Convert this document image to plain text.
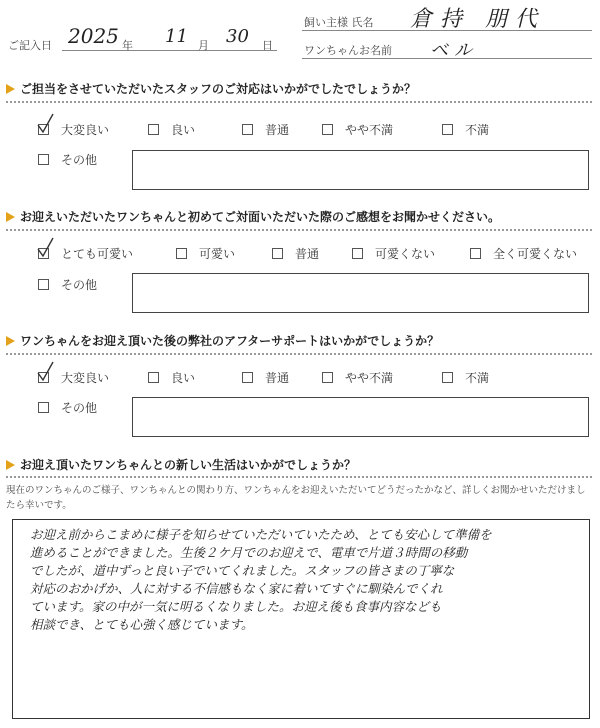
ご記入日 2025 年 11 月 30 日
飼い主様 氏名 倉持 朋代
ワンちゃんお名前 ベル
ご担当をさせていただいたスタッフのご対応はいかがでしたでしょうか？
大変良い	良い	普通	やや不満	不満
その他
お迎えいただいたワンちゃんと初めてご対面いただいた際のご感想をお聞かせください。
とても可愛い	可愛い	普通	可愛くない	全く可愛くない
その他
ワンちゃんをお迎え頂いた後の弊社のアフターサポートはいかがでしょうか？
大変良い	良い	普通	やや不満	不満
その他
お迎え頂いたワンちゃんとの新しい生活はいかがでしょうか？
現在のワンちゃんのご様子、ワンちゃんとの関わり方、ワンちゃんをお迎えいただいてどうだったかなど、詳しくお聞かせいただけまし
たら幸いです。
お迎え前からこまめに様子を知らせていただいていたため、とても安心して準備を
進めることができました。生後２ケ月でのお迎えで、電車で片道３時間の移動
でしたが、道中ずっと良い子でいてくれました。スタッフの皆さまの丁寧な
対応のおかげか、人に対する不信感もなく家に着いてすぐに馴染んでくれ
ています。家の中が一気に明るくなりました。お迎え後も食事内容なども
相談でき、とても心強く感じています。
